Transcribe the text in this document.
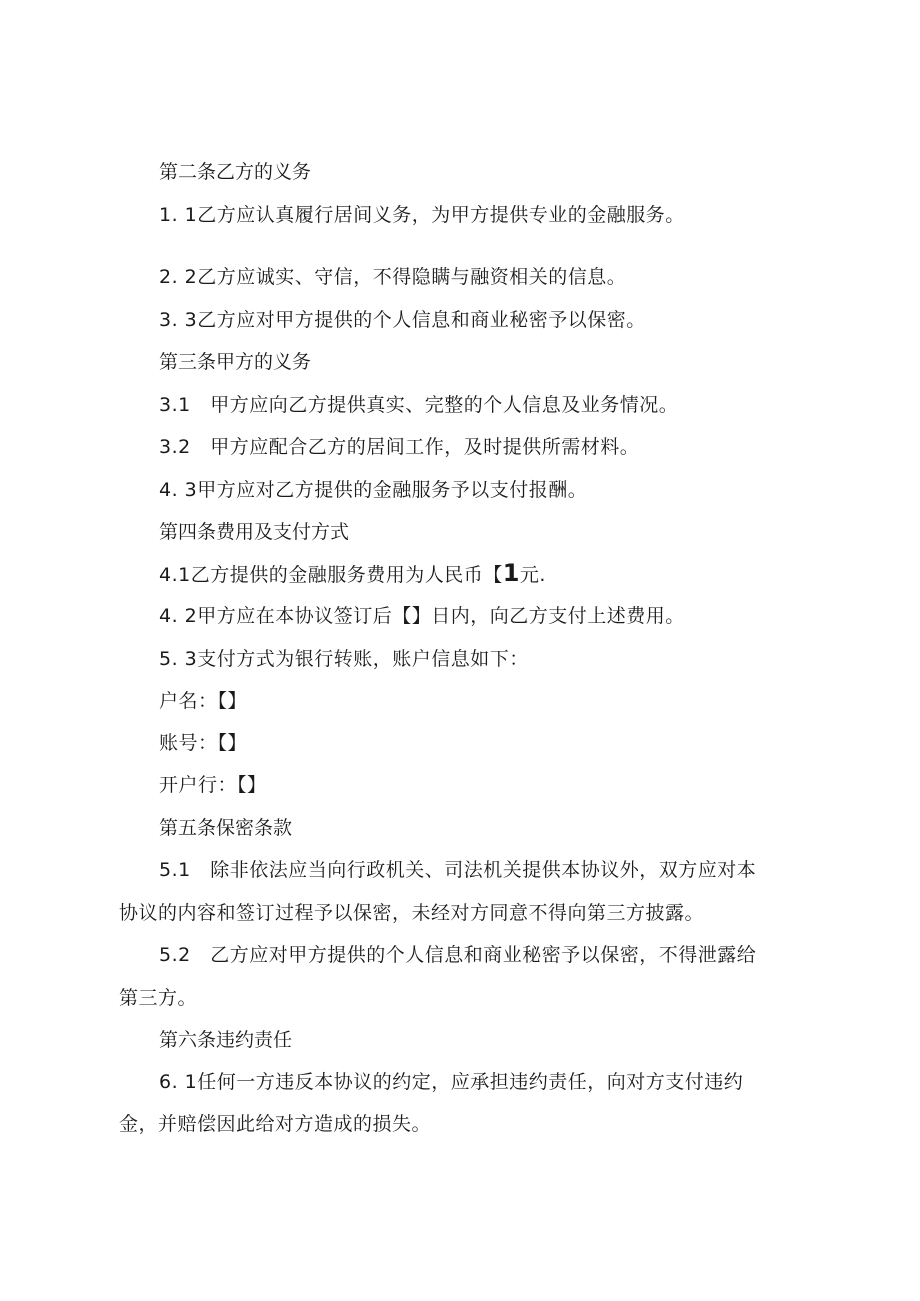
第二条乙方的义务
1. 1乙方应认真履行居间义务，为甲方提供专业的金融服务。
2. 2乙方应诚实、守信，不得隐瞒与融资相关的信息。
3. 3乙方应对甲方提供的个人信息和商业秘密予以保密。
第三条甲方的义务
3.1　甲方应向乙方提供真实、完整的个人信息及业务情况。
3.2　甲方应配合乙方的居间工作，及时提供所需材料。
4. 3甲方应对乙方提供的金融服务予以支付报酬。
第四条费用及支付方式
4.1乙方提供的金融服务费用为人民币【1元.
4. 2甲方应在本协议签订后【】日内，向乙方支付上述费用。
5. 3支付方式为银行转账，账户信息如下：
户名：【】
账号：【】
开户行：【】
第五条保密条款
5.1　除非依法应当向行政机关、司法机关提供本协议外，双方应对本
协议的内容和签订过程予以保密，未经对方同意不得向第三方披露。
5.2　乙方应对甲方提供的个人信息和商业秘密予以保密，不得泄露给
第三方。
第六条违约责任
6. 1任何一方违反本协议的约定，应承担违约责任，向对方支付违约
金，并赔偿因此给对方造成的损失。
